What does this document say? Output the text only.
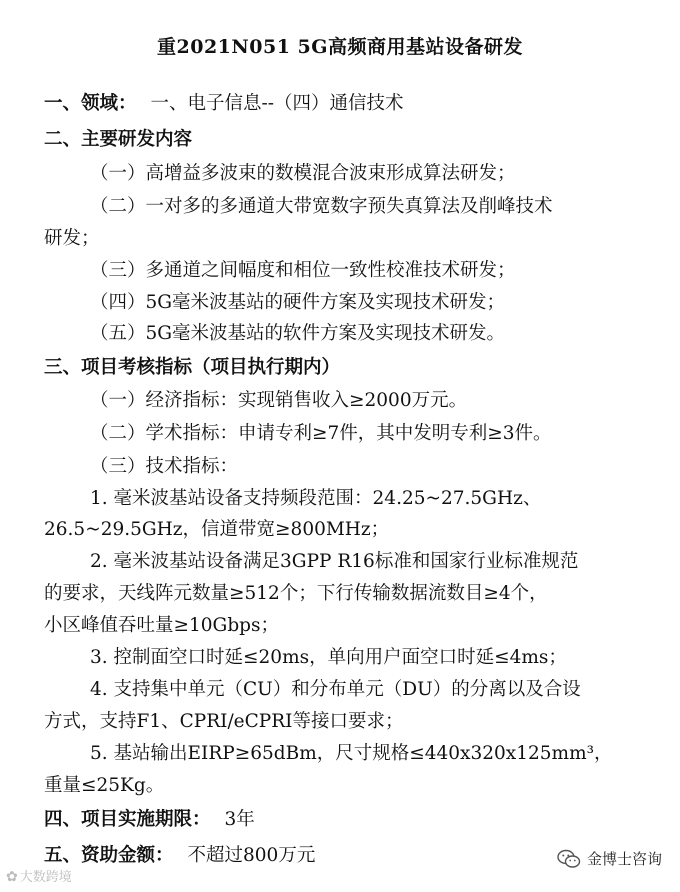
重2021N051 5G高频商用基站设备研发
一、领域： 一、电子信息--（四）通信技术
二、主要研发内容
（一）高增益多波束的数模混合波束形成算法研发；
（二）一对多的多通道大带宽数字预失真算法及削峰技术
研发；
（三）多通道之间幅度和相位一致性校准技术研发；
（四）5G毫米波基站的硬件方案及实现技术研发；
（五）5G毫米波基站的软件方案及实现技术研发。
三、项目考核指标（项目执行期内）
（一）经济指标：实现销售收入≥2000万元。
（二）学术指标：申请专利≥7件，其中发明专利≥3件。
（三）技术指标：
1. 毫米波基站设备支持频段范围：24.25~27.5GHz、
26.5~29.5GHz，信道带宽≥800MHz；
2. 毫米波基站设备满足3GPP R16标准和国家行业标准规范
的要求，天线阵元数量≥512个；下行传输数据流数目≥4个，
小区峰值吞吐量≥10Gbps；
3. 控制面空口时延≤20ms，单向用户面空口时延≤4ms；
4. 支持集中单元（CU）和分布单元（DU）的分离以及合设
方式，支持F1、CPRI/eCPRI等接口要求；
5. 基站输出EIRP≥65dBm，尺寸规格≤440x320x125mm³，
重量≤25Kg。
四、项目实施期限： 3年
五、资助金额： 不超过800万元
✿ 大数跨境
金博士咨询
